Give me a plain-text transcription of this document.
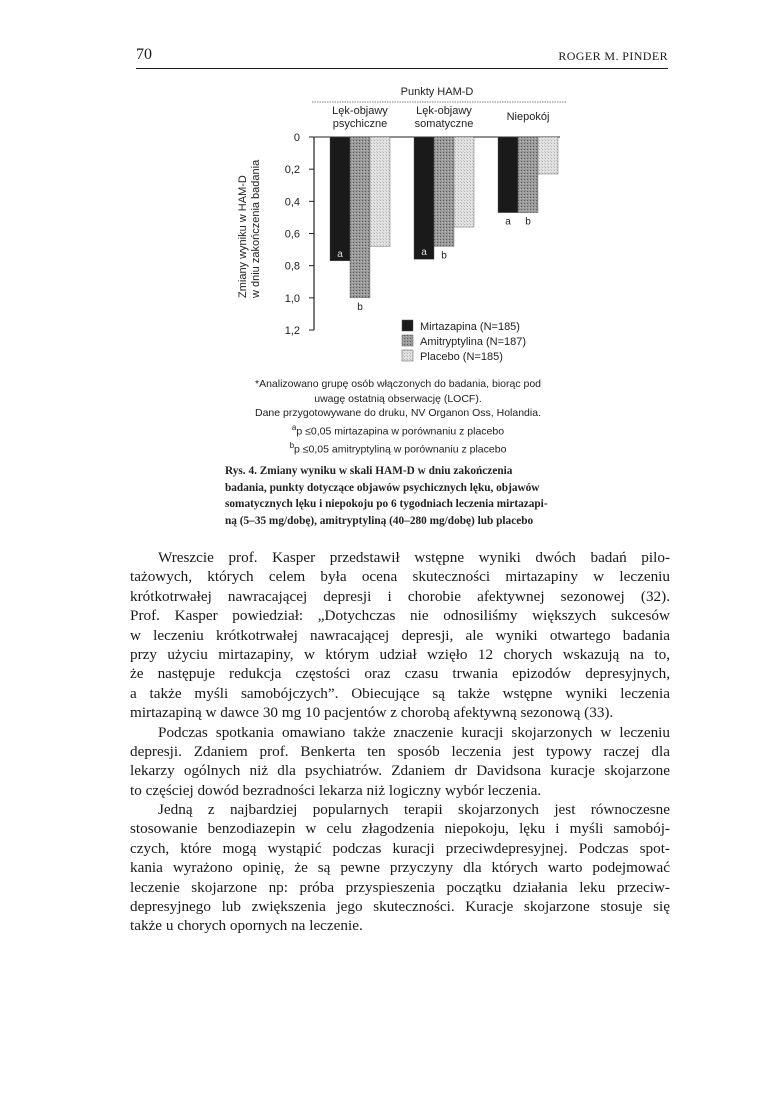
70	ROGER M. PINDER
Punkty HAM-D
Zmiany wyniku w HAM-D w dniu zakończenia badania
0
0,2
0,4
0,6
0,8
1,0
1,2
Lęk-objawy
psychiczne
Lęk-objawy
somatyczne
Niepokój
a
b
a b
a b
Mirtazapina (N=185)
Amitryptylina (N=187)
Placebo (N=185)

*Analizowano grupę osób włączonych do badania, biorąc pod

uwagę ostatnią obserwację (LOCF).

Dane przygotowywane do druku, NV Organon Oss, Holandia.

$^a$p ≤0,05 mirtazapina w porównaniu z placebo

$^b$p ≤0,05 amitryptyliną w porównaniu z placebo

Rys. 4. Zmiany wyniku w skali HAM-D w dniu zakończenia

badania, punkty dotyczące objawów psychicznych lęku, objawów

somatycznych lęku i niepokoju po 6 tygodniach leczenia mirtazapi-

ną (5–35 mg/dobę), amitryptyliną (40–280 mg/dobę) lub placebo

Wreszcie prof. Kasper przedstawił wstępne wyniki dwóch badań pilo-
tażowych, których celem była ocena skuteczności mirtazapiny w leczeniu
krótkotrwałej nawracającej depresji i chorobie afektywnej sezonowej (32).
Prof. Kasper powiedział: „Dotychczas nie odnosiliśmy większych sukcesów
w leczeniu krótkotrwałej nawracającej depresji, ale wyniki otwartego badania
przy użyciu mirtazapiny, w którym udział wzięło 12 chorych wskazują na to,
że następuje redukcja częstości oraz czasu trwania epizodów depresyjnych,
a także myśli samobójczych”. Obiecujące są także wstępne wyniki leczenia
mirtazapiną w dawce 30 mg 10 pacjentów z chorobą afektywną sezonową (33).
Podczas spotkania omawiano także znaczenie kuracji skojarzonych w leczeniu
depresji. Zdaniem prof. Benkerta ten sposób leczenia jest typowy raczej dla
lekarzy ogólnych niż dla psychiatrów. Zdaniem dr Davidsona kuracje skojarzone
to częściej dowód bezradności lekarza niż logiczny wybór leczenia.
Jedną z najbardziej popularnych terapii skojarzonych jest równoczesne
stosowanie benzodiazepin w celu złagodzenia niepokoju, lęku i myśli samobój-
czych, które mogą wystąpić podczas kuracji przeciwdepresyjnej. Podczas spot-
kania wyrażono opinię, że są pewne przyczyny dla których warto podejmować
leczenie skojarzone np: próba przyspieszenia początku działania leku przeciw-
depresyjnego lub zwiększenia jego skuteczności. Kuracje skojarzone stosuje się
także u chorych opornych na leczenie.
